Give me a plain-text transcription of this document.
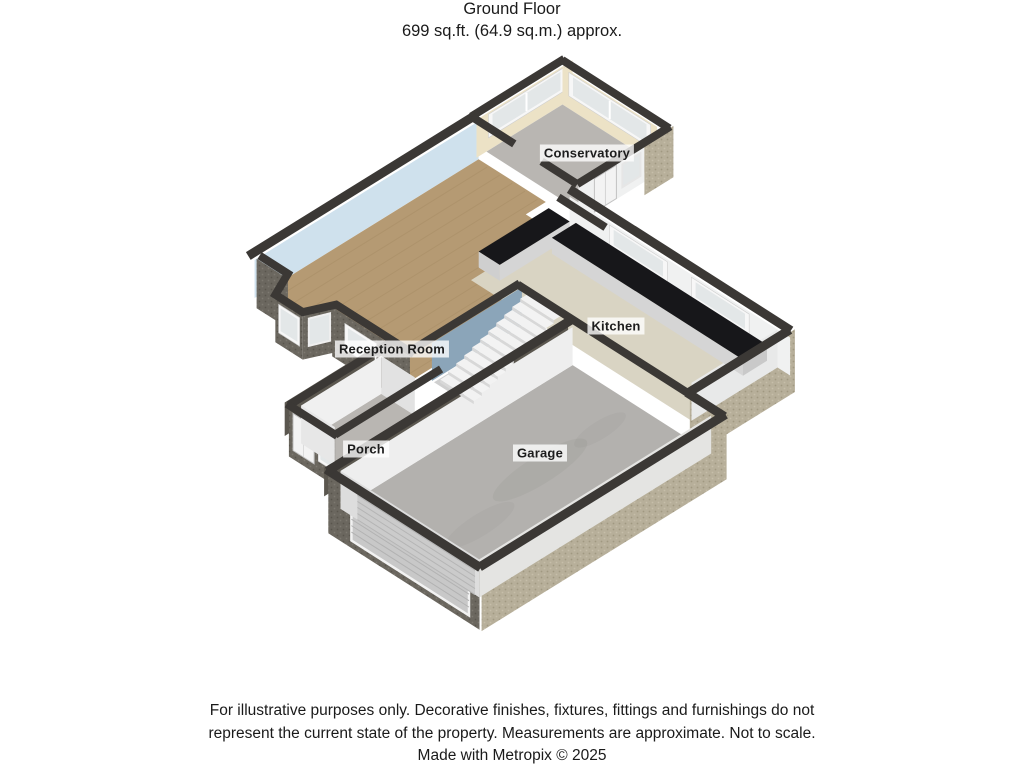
Ground Floor
699 sq.ft. (64.9 sq.m.) approx.
Conservatory
Kitchen
Reception Room
Porch	Garage
For illustrative purposes only. Decorative finishes, fixtures, fittings and furnishings do not
represent the current state of the property. Measurements are approximate. Not to scale.
Made with Metropix © 2025
